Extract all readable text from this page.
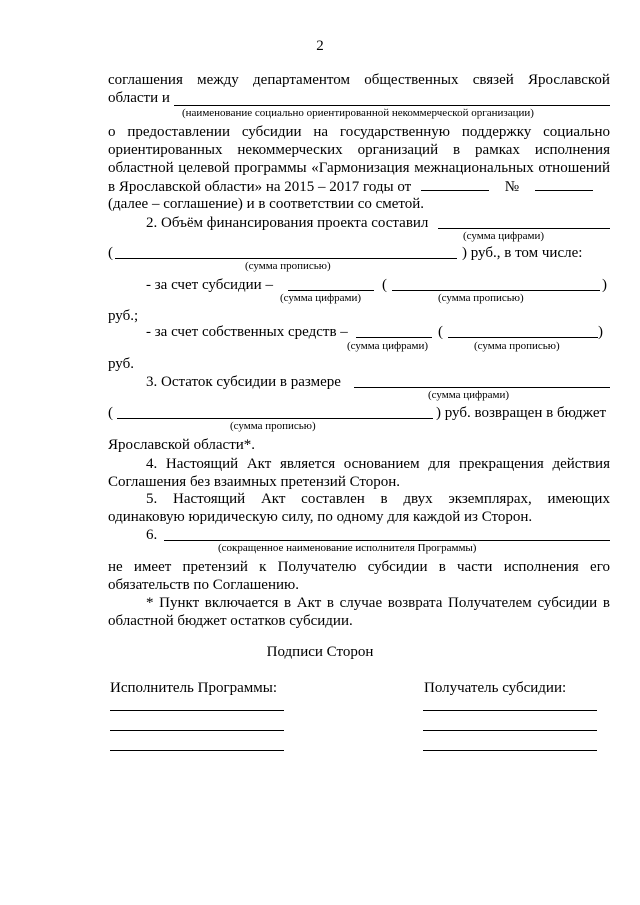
2
соглашения между департаментом общественных связей Ярославской
области и
(наименование социально ориентированной некоммерческой организации)
о предоставлении субсидии на государственную поддержку социально
ориентированных некоммерческих организаций в рамках исполнения
областной целевой программы «Гармонизация межнациональных отношений
в Ярославской области» на 2015 – 2017 годы от	№
(далее – соглашение) и в соответствии со сметой.
2. Объём финансирования проекта составил
(сумма цифрами)
(	) руб., в том числе:
(сумма прописью)
- за счет субсидии –	(	)
(сумма цифрами)	(сумма прописью)
руб.;
- за счет собственных средств –	(	)
(сумма цифрами)	(сумма прописью)
руб.
3. Остаток субсидии в размере
(сумма цифрами)
(	) руб. возвращен в бюджет
(сумма прописью)
Ярославской области*.
4. Настоящий Акт является основанием для прекращения действия
Соглашения без взаимных претензий Сторон.
5. Настоящий Акт составлен в двух экземплярах, имеющих
одинаковую юридическую силу, по одному для каждой из Сторон.
6.
(сокращенное наименование исполнителя Программы)
не имеет претензий к Получателю субсидии в части исполнения его
обязательств по Соглашению.
* Пункт включается в Акт в случае возврата Получателем субсидии в
областной бюджет остатков субсидии.
Подписи Сторон
Исполнитель Программы:	Получатель субсидии:
